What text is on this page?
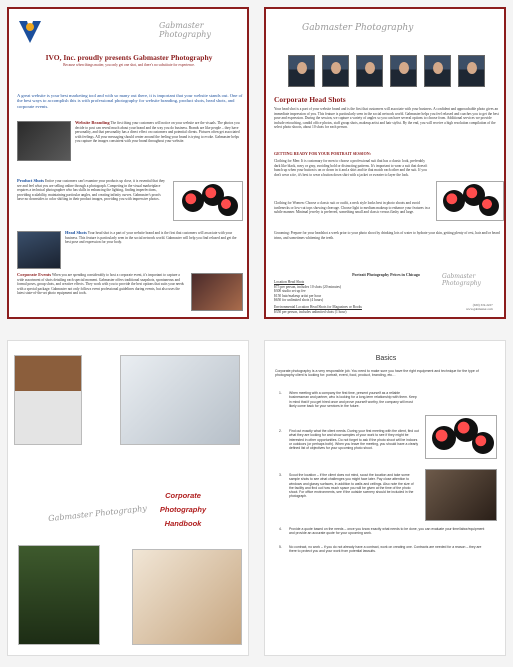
Gabmaster Photography
IVO, Inc. proudly presents Gabmaster Photography
Because when things matter, you only get one shot, and there's no substitute for experience.
A great website is your best marketing tool and with so many out there, it is important that your website stands out. One of the best ways to accomplish this is with professional photography for website branding, product shots, head shots, and corporate events.
Website Branding The first thing your customers will notice on your website are the visuals. The photos you decide to post can reveal much about your brand and the way you do business. Brands are like people – they have personality, and that personality has a direct effect on customers and potential clients. Pictures often get associated with feelings. All your messaging should center around the feeling your brand is trying to evoke. Gabmaster helps you capture the images consistent with your brand throughout your website.
Product Shots Entice your customers can't examine your products up close, it is essential that they see and feel what you are selling online through a photograph. Competing in the visual marketplace requires a technical photographer who has skills in enhancing the lighting, finding imperfections, providing scalability, maintaining particular angles, and creating infinity curves. Gabmaster's proofs have no downsides to color shifting in their product images, providing you with impressive photos.
Head Shots Your head shot is a part of your website brand and is the first that customers will associate with your business. This feature is particularly seen in the social network world. Gabmaster will help you find relaxed and get the best pose and expression for your body.
Corporate Events When you are spending considerably to host a corporate event, it's important to capture a wide assortment of shots detailing each special moment. Gabmaster offers traditional snapshots, spontaneous and formal poses, group shots, and creative effects. They work with you to provide the best options that suits your needs with a special package. Gabmaster not only follows event professional guidelines during events, but also uses the latest state-of-the-art photo equipment and tools.
Gabmaster Photography
Corporate Head Shots
Your head shot is a part of your website brand and is the first that customers will associate with your business. A confident and approachable photo gives an immediate impression of you. This feature is particularly seen in the social network world. Gabmaster helps you feel relaxed and coaches you to get the best pose and expression. During the session, we capture a variety of angles so you can have several options to choose from. Additional services we provide include retouching, candid office photos, staff group shots, makeup artist and hair stylist. By the end, you will receive a high resolution compilation of the select photo shoots, about 10 shots for each person.
GETTING READY FOR YOUR PORTRAIT SESSION:
Clothing for Men: It is customary for men to choose a professional suit that has a classic look, preferably dark like black, navy or gray, avoiding bold or distracting patterns. It's important to wear a suit that doesn't bunch up when your button is on or down in it and a shirt and tie that match each other and the suit. If you don't wear a tie, it's best to wear a button down shirt with a jacket or sweater to layer the look.
Clothing for Women: Choose a classic suit or outfit, a neck style looks best in photo shoots and avoid turtlenecks or low-cut tops showing cleavage. Choose light to medium makeup to enhance your features in a subtle manner. Minimal jewelry is preferred, something small and classic versus flashy and large.
Grooming: Prepare for your headshot a week prior to your photo shoot by drinking lots of water to hydrate your skin, getting plenty of rest, hair and/or beard trims, and sometimes whitening the teeth.
Portrait Photography Prices in Chicago
Location Head Shots
$75 per person, includes 10 shots (20 minutes)
$300 studio set up fee
$150 hair/makeup artist per hour
$650 for unlimited shots (4 hours)
Environmental Location Head Shots for Magazines or Books
$350 per person, includes unlimited shots (1 hour)
Gabmaster Photography
(630) 319-2227
www.gabmaster.com
Gabmaster Photography
Corporate
Photography
Handbook
Basics
Corporate photography is a very responsible job. You need to make sure you have the right equipment and technique for the type of photography client is looking for: portrait, event, food, product, branding, etc…
1. When meeting with a company the first time, present yourself as a reliable businessman and partner, who is looking for a long-term relationship with them. Keep in mind that if you get hired once and prove yourself worthy, the company will most likely come back for your services in the future.
2. Find out exactly what the client needs. During your first meeting with the client, find out what they are looking for and show samples of your work to see if they might be interested in other opportunities. Do not forget to ask if the photo shoot will be indoors or outdoors (or perhaps both). When you leave the meeting, you should have a clearly defined list of objectives for your upcoming photo shoot.
3. Scout the location – if the client does not mind, scout the location and take some sample shots to see what challenges you might face later. Pay close attention to windows and glassy surfaces, in addition to walls and ceilings. Also note the size of the facility and find out how much space you will be given at the time of the photo shoot. For office environments, see if the outside scenery should be included in the photograph.
4. Provide a quote based on the needs – once you know exactly what needs to be done, you can evaluate your time/labor/equipment and provide an accurate quote for your upcoming work.
5. No contract, no work – if you do not already have a contract, work on creating one. Contracts are needed for a reason – they are there to protect you and your work from potential lawsuits.
